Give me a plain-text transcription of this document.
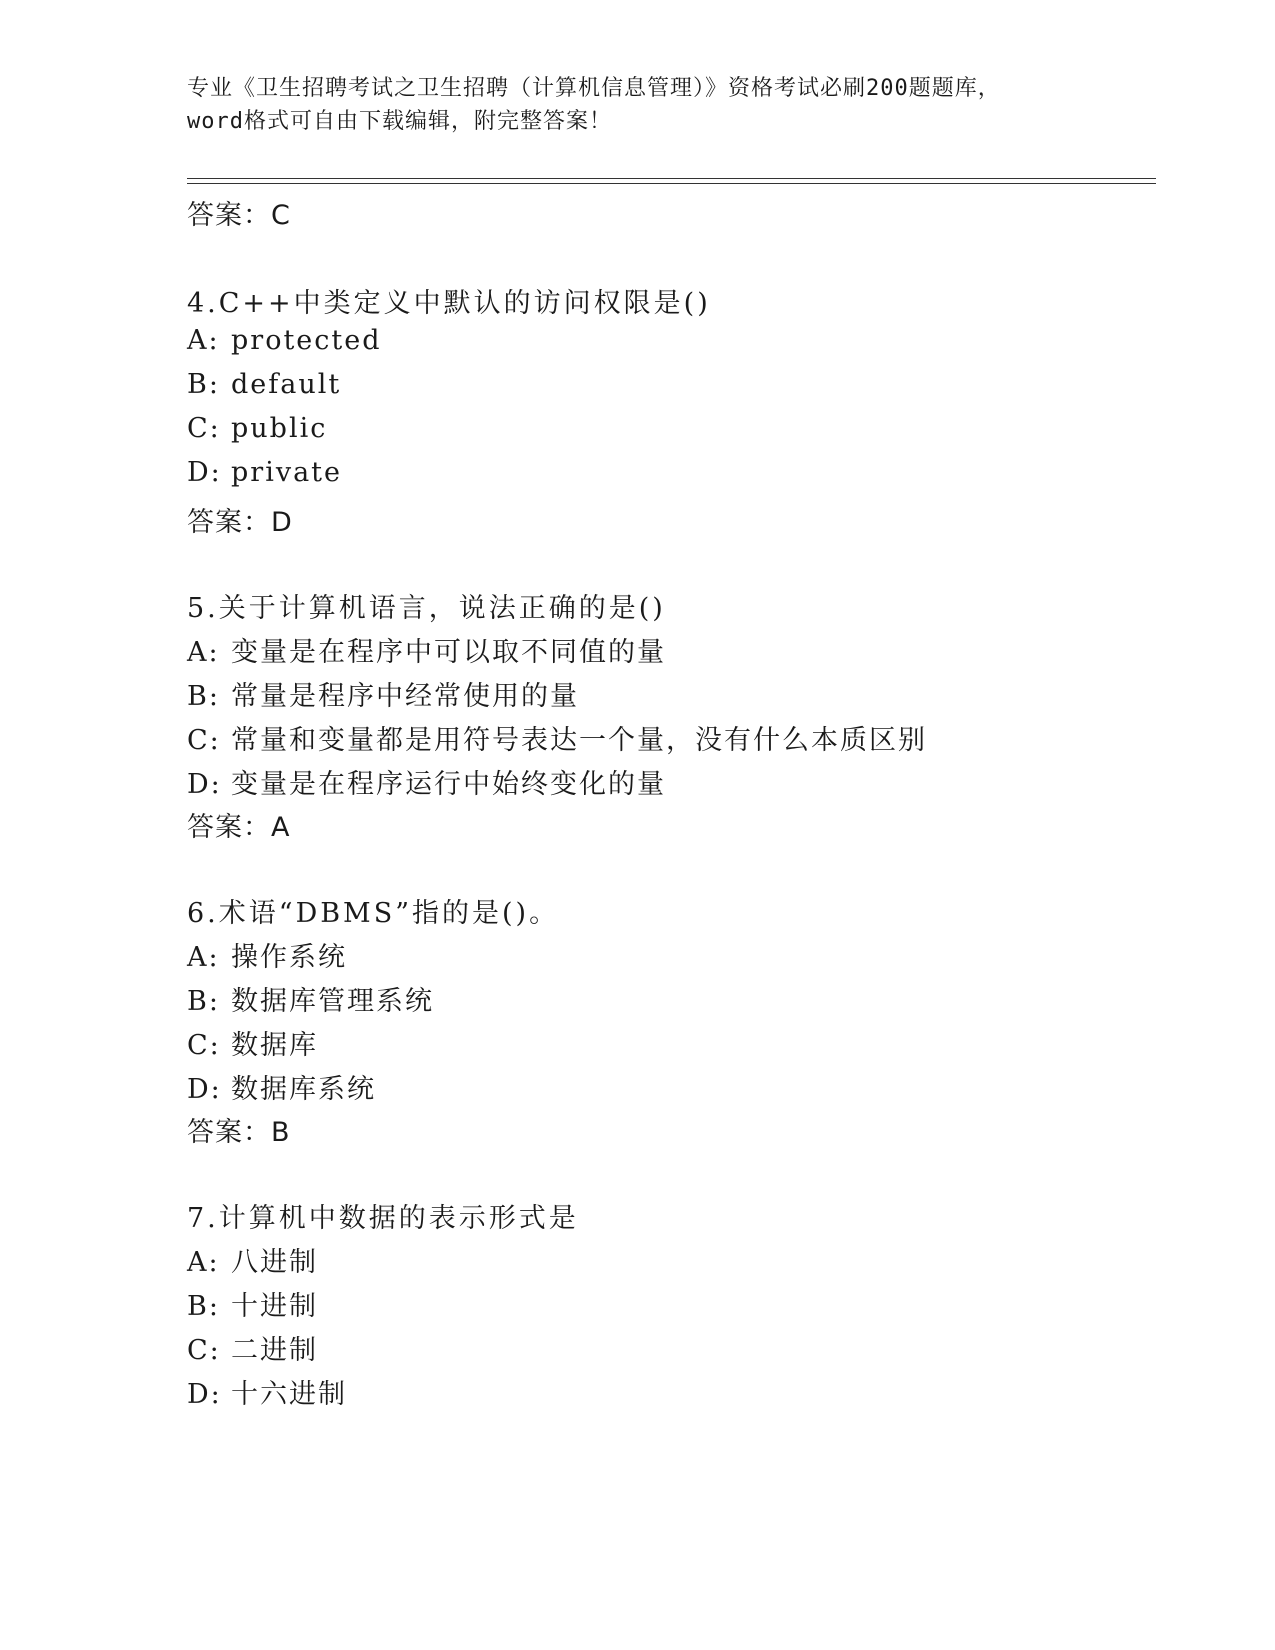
专业《卫生招聘考试之卫生招聘（计算机信息管理）》资格考试必刷200题题库，
word格式可自由下载编辑，附完整答案！
答案：C
4.C++中类定义中默认的访问权限是()
A: protected
B: default
C: public
D: private
答案：D
5.关于计算机语言，说法正确的是()
A: 变量是在程序中可以取不同值的量
B: 常量是程序中经常使用的量
C: 常量和变量都是用符号表达一个量，没有什么本质区别
D: 变量是在程序运行中始终变化的量
答案：A
6.术语“DBMS”指的是()。
A: 操作系统
B: 数据库管理系统
C: 数据库
D: 数据库系统
答案：B
7.计算机中数据的表示形式是
A: 八进制
B: 十进制
C: 二进制
D: 十六进制
